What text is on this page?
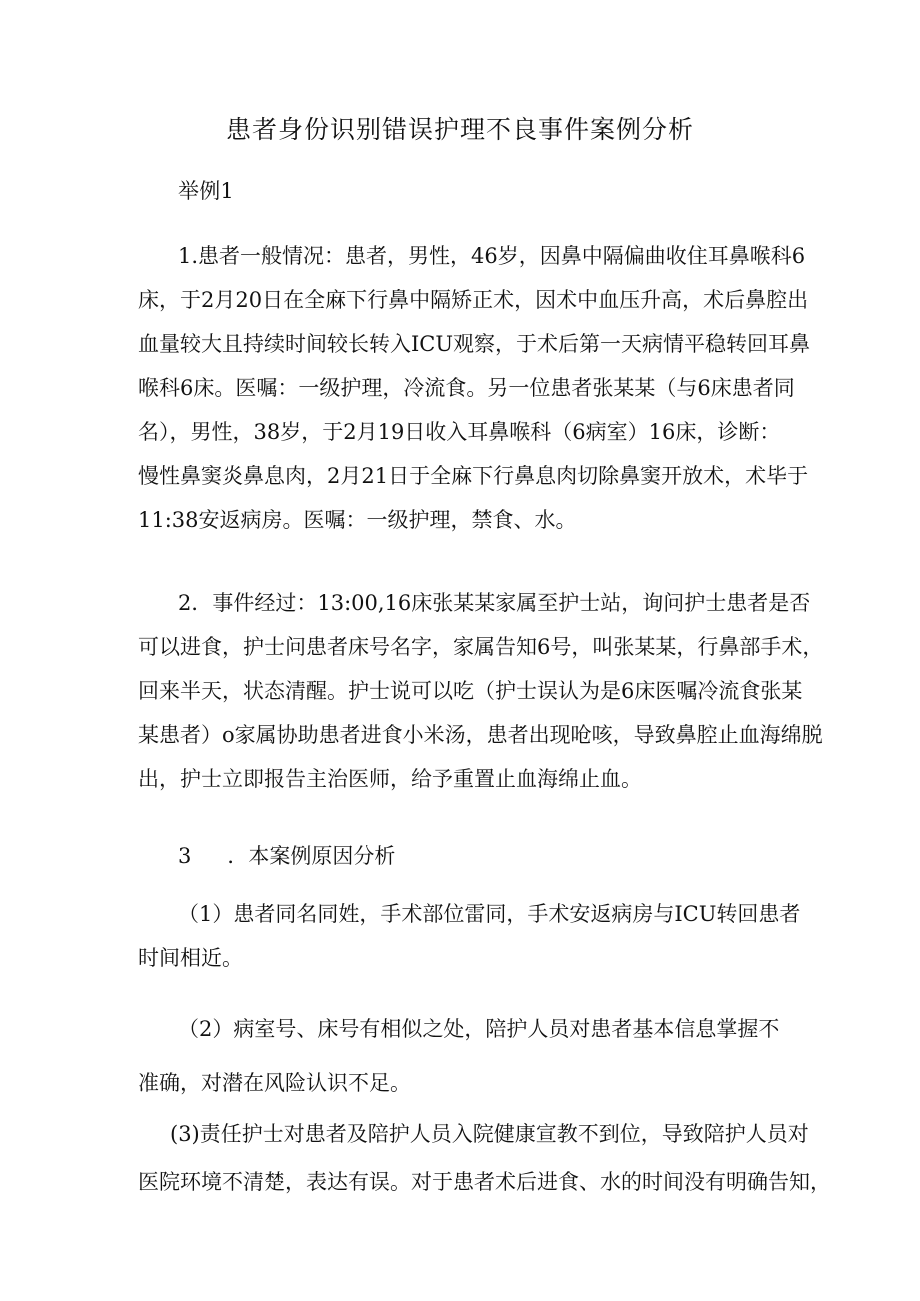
患者身份识别错误护理不良事件案例分析
举例1
1.患者一般情况：患者，男性，46岁，因鼻中隔偏曲收住耳鼻喉科6
床，于2月20日在全麻下行鼻中隔矫正术，因术中血压升高，术后鼻腔出
血量较大且持续时间较长转入ICU观察，于术后第一天病情平稳转回耳鼻
喉科6床。医嘱：一级护理，冷流食。另一位患者张某某（与6床患者同
名），男性，38岁，于2月19日收入耳鼻喉科（6病室）16床，诊断：
慢性鼻窦炎鼻息肉，2月21日于全麻下行鼻息肉切除鼻窦开放术，术毕于
11:38安返病房。医嘱：一级护理，禁食、水。
2．事件经过：13:00,16床张某某家属至护士站，询问护士患者是否
可以进食，护士问患者床号名字，家属告知6号，叫张某某，行鼻部手术，
回来半天，状态清醒。护士说可以吃（护士误认为是6床医嘱冷流食张某
某患者）o家属协助患者进食小米汤，患者出现呛咳，导致鼻腔止血海绵脱
出，护士立即报告主治医师，给予重置止血海绵止血。
3 ．本案例原因分析
（1）患者同名同姓，手术部位雷同，手术安返病房与ICU转回患者
时间相近。
（2）病室号、床号有相似之处，陪护人员对患者基本信息掌握不
准确，对潜在风险认识不足。
(3)责任护士对患者及陪护人员入院健康宣教不到位，导致陪护人员对
医院环境不清楚，表达有误。对于患者术后进食、水的时间没有明确告知，
